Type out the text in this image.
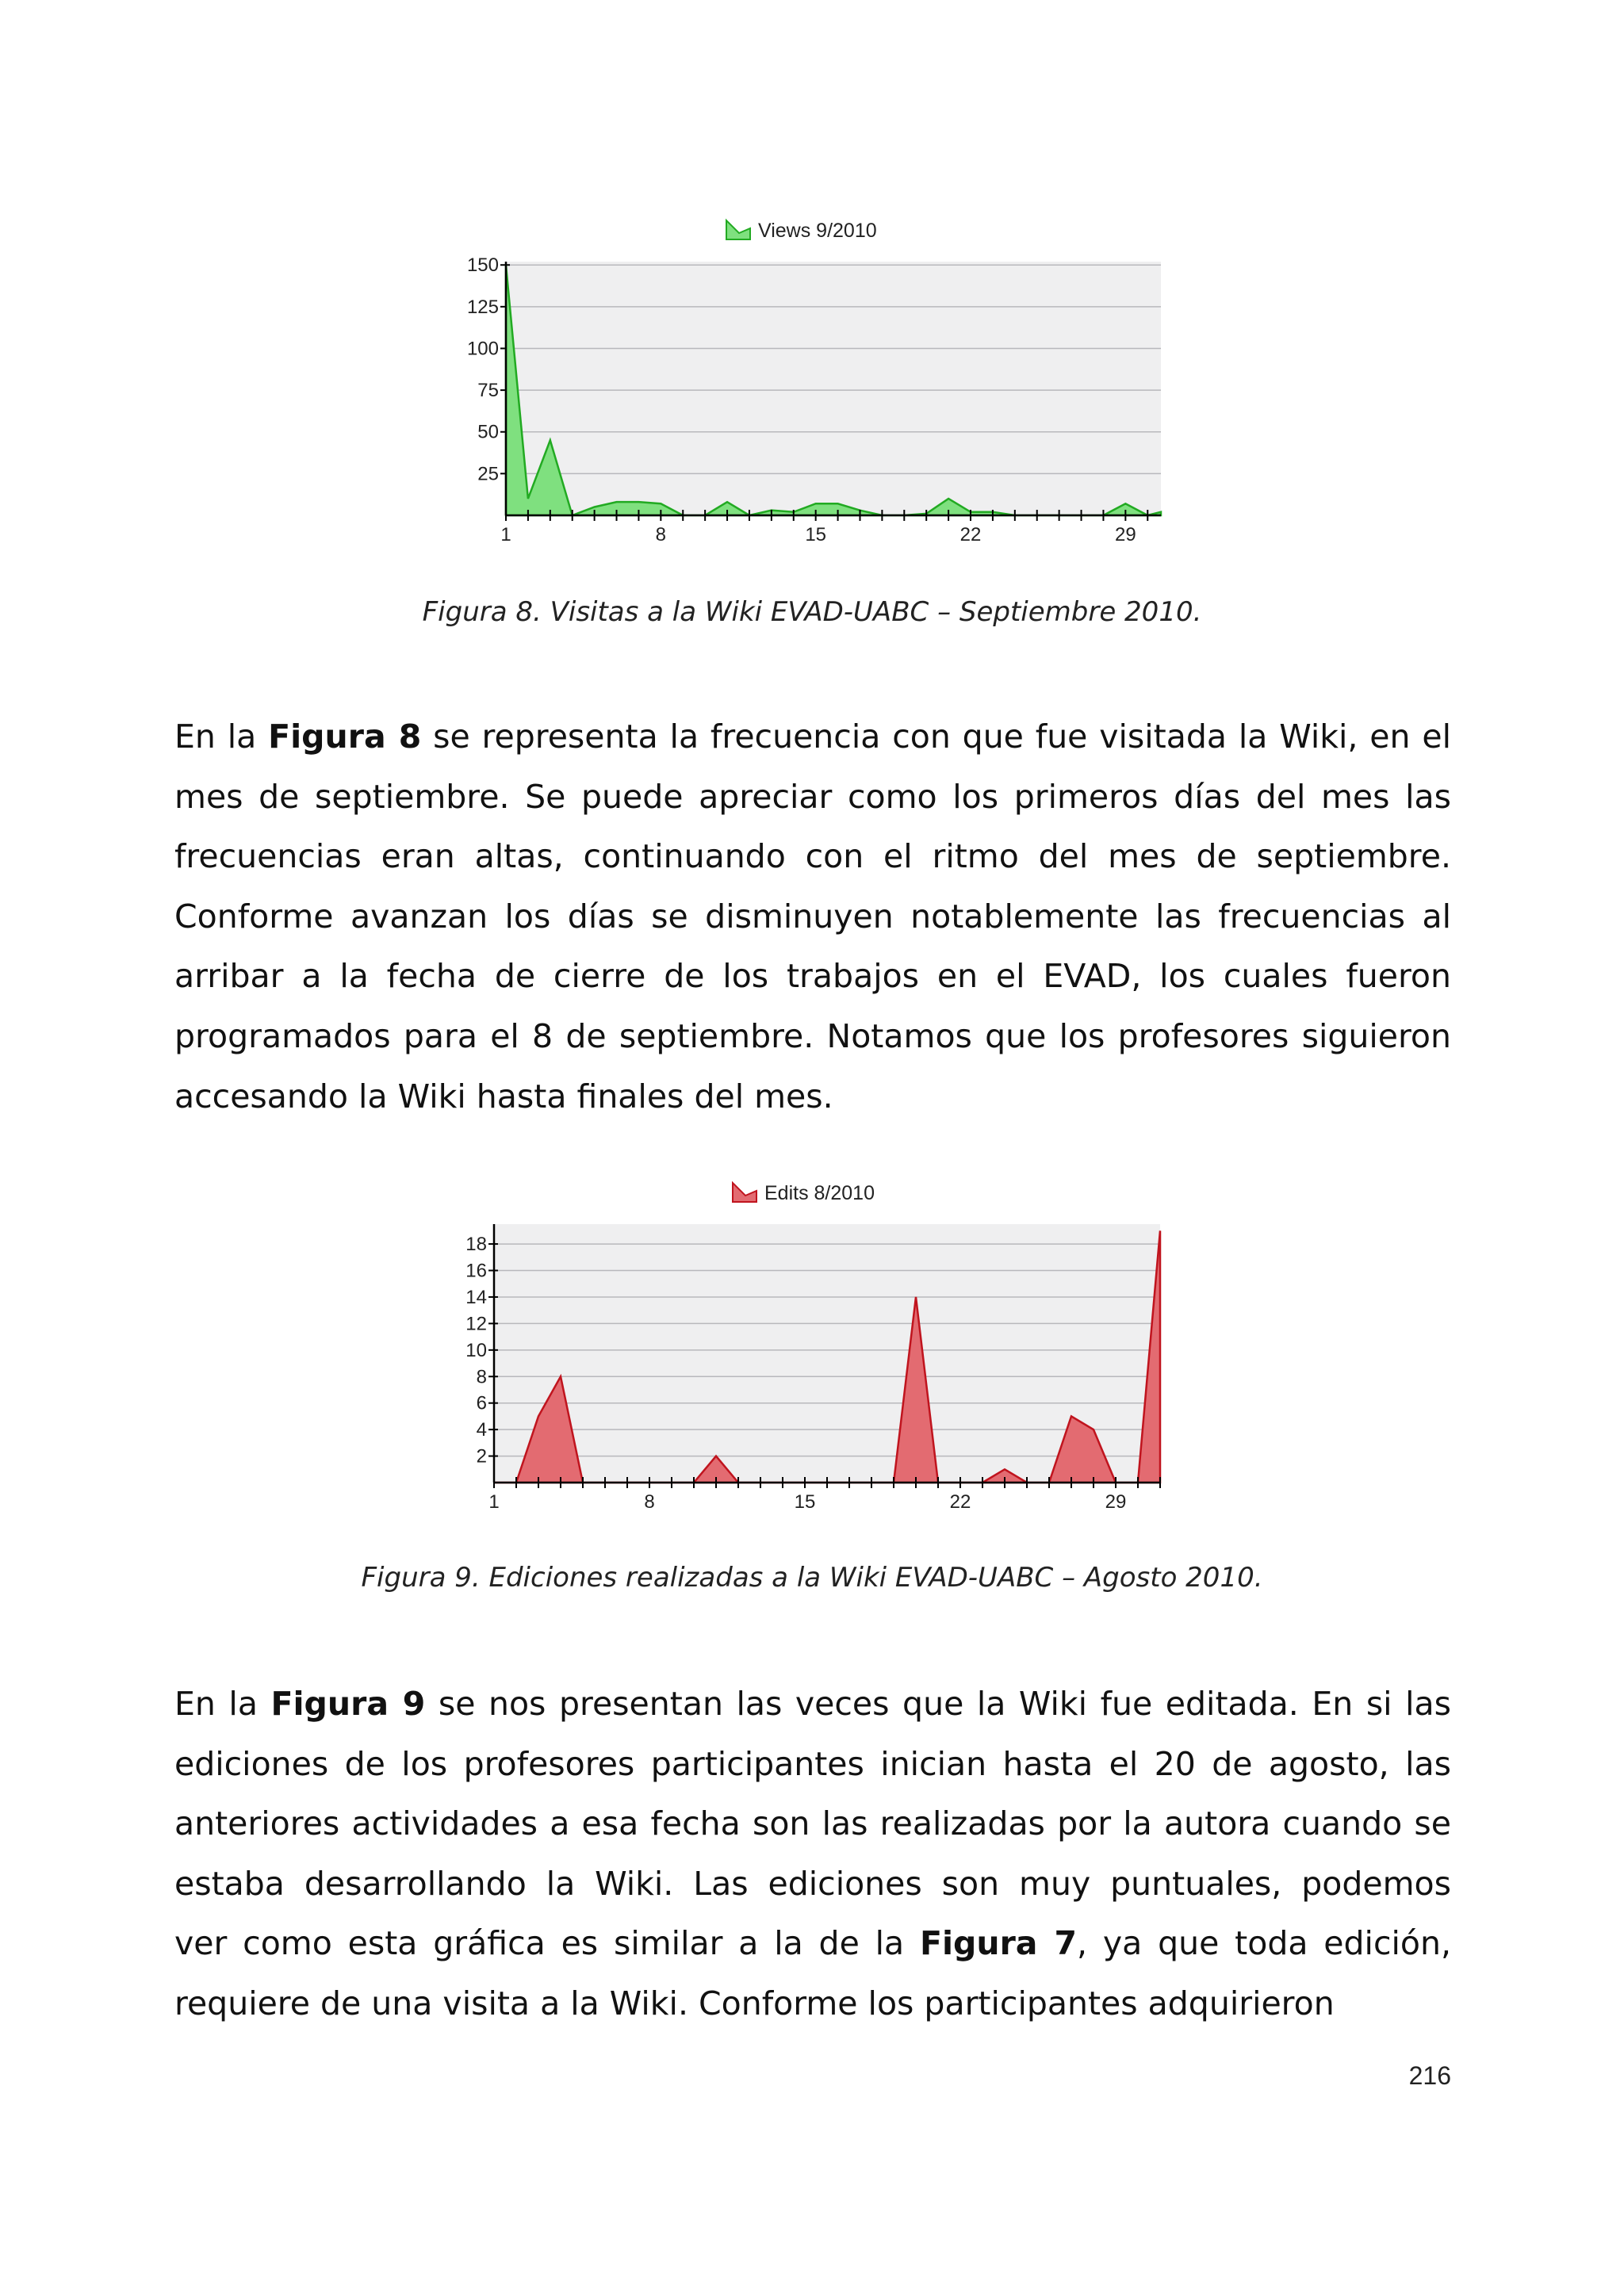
Views 9/2010
25
50
75
100
125
150
1	8	15	22	29
Figura 8. Visitas a la Wiki EVAD-UABC – Septiembre 2010.
En la Figura 8 se representa la frecuencia con que fue visitada la Wiki, en el
mes de septiembre. Se puede apreciar como los primeros días del mes las
frecuencias eran altas, continuando con el ritmo del mes de septiembre.
Conforme avanzan los días se disminuyen notablemente las frecuencias al
arribar a la fecha de cierre de los trabajos en el EVAD, los cuales fueron
programados para el 8 de septiembre. Notamos que los profesores siguieron
accesando la Wiki hasta finales del mes.
Edits 8/2010
2
4
6
8
10
12
14
16
18
1	8	15	22	29
Figura 9. Ediciones realizadas a la Wiki EVAD-UABC – Agosto 2010.
En la Figura 9 se nos presentan las veces que la Wiki fue editada. En si las
ediciones de los profesores participantes inician hasta el 20 de agosto, las
anteriores actividades a esa fecha son las realizadas por la autora cuando se
estaba desarrollando la Wiki. Las ediciones son muy puntuales, podemos
ver como esta gráfica es similar a la de la Figura 7, ya que toda edición,
requiere de una visita a la Wiki. Conforme los participantes adquirieron
216
